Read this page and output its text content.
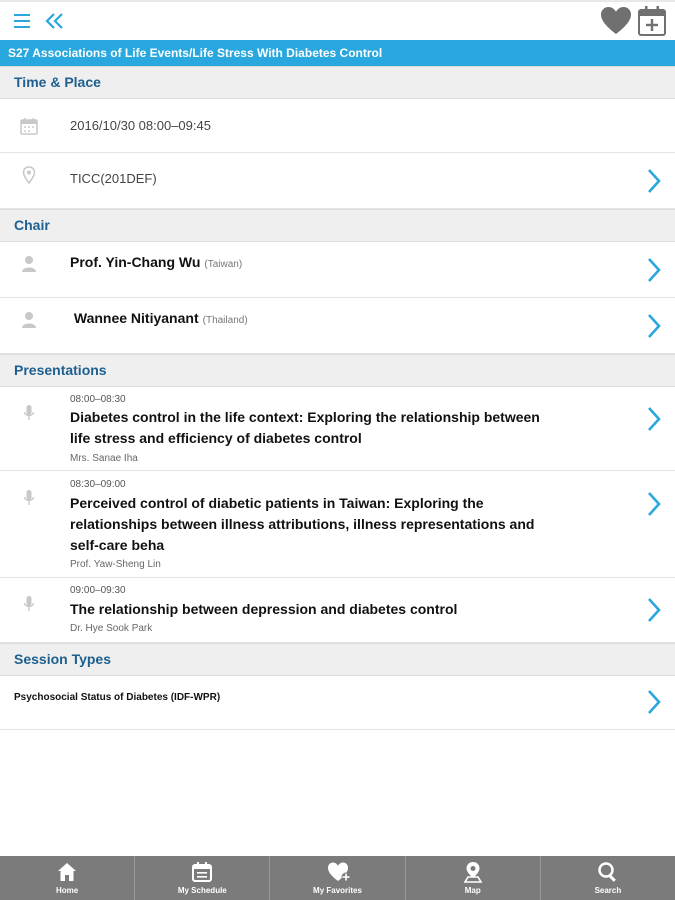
S27 Associations of Life Events/Life Stress With Diabetes Control
Time & Place
2016/10/30 08:00–09:45
TICC(201DEF)
Chair
Prof. Yin-Chang Wu (Taiwan)
Wannee Nitiyanant (Thailand)
Presentations
08:00–08:30
Diabetes control in the life context: Exploring the relationship between life stress and efficiency of diabetes control
Mrs. Sanae Iha
08:30–09:00
Perceived control of diabetic patients in Taiwan: Exploring the relationships between illness attributions, illness representations and self-care beha
Prof. Yaw-Sheng Lin
09:00–09:30
The relationship between depression and diabetes control
Dr. Hye Sook Park
Session Types
Psychosocial Status of Diabetes (IDF-WPR)
Home	My Schedule	My Favorites	Map	Search
